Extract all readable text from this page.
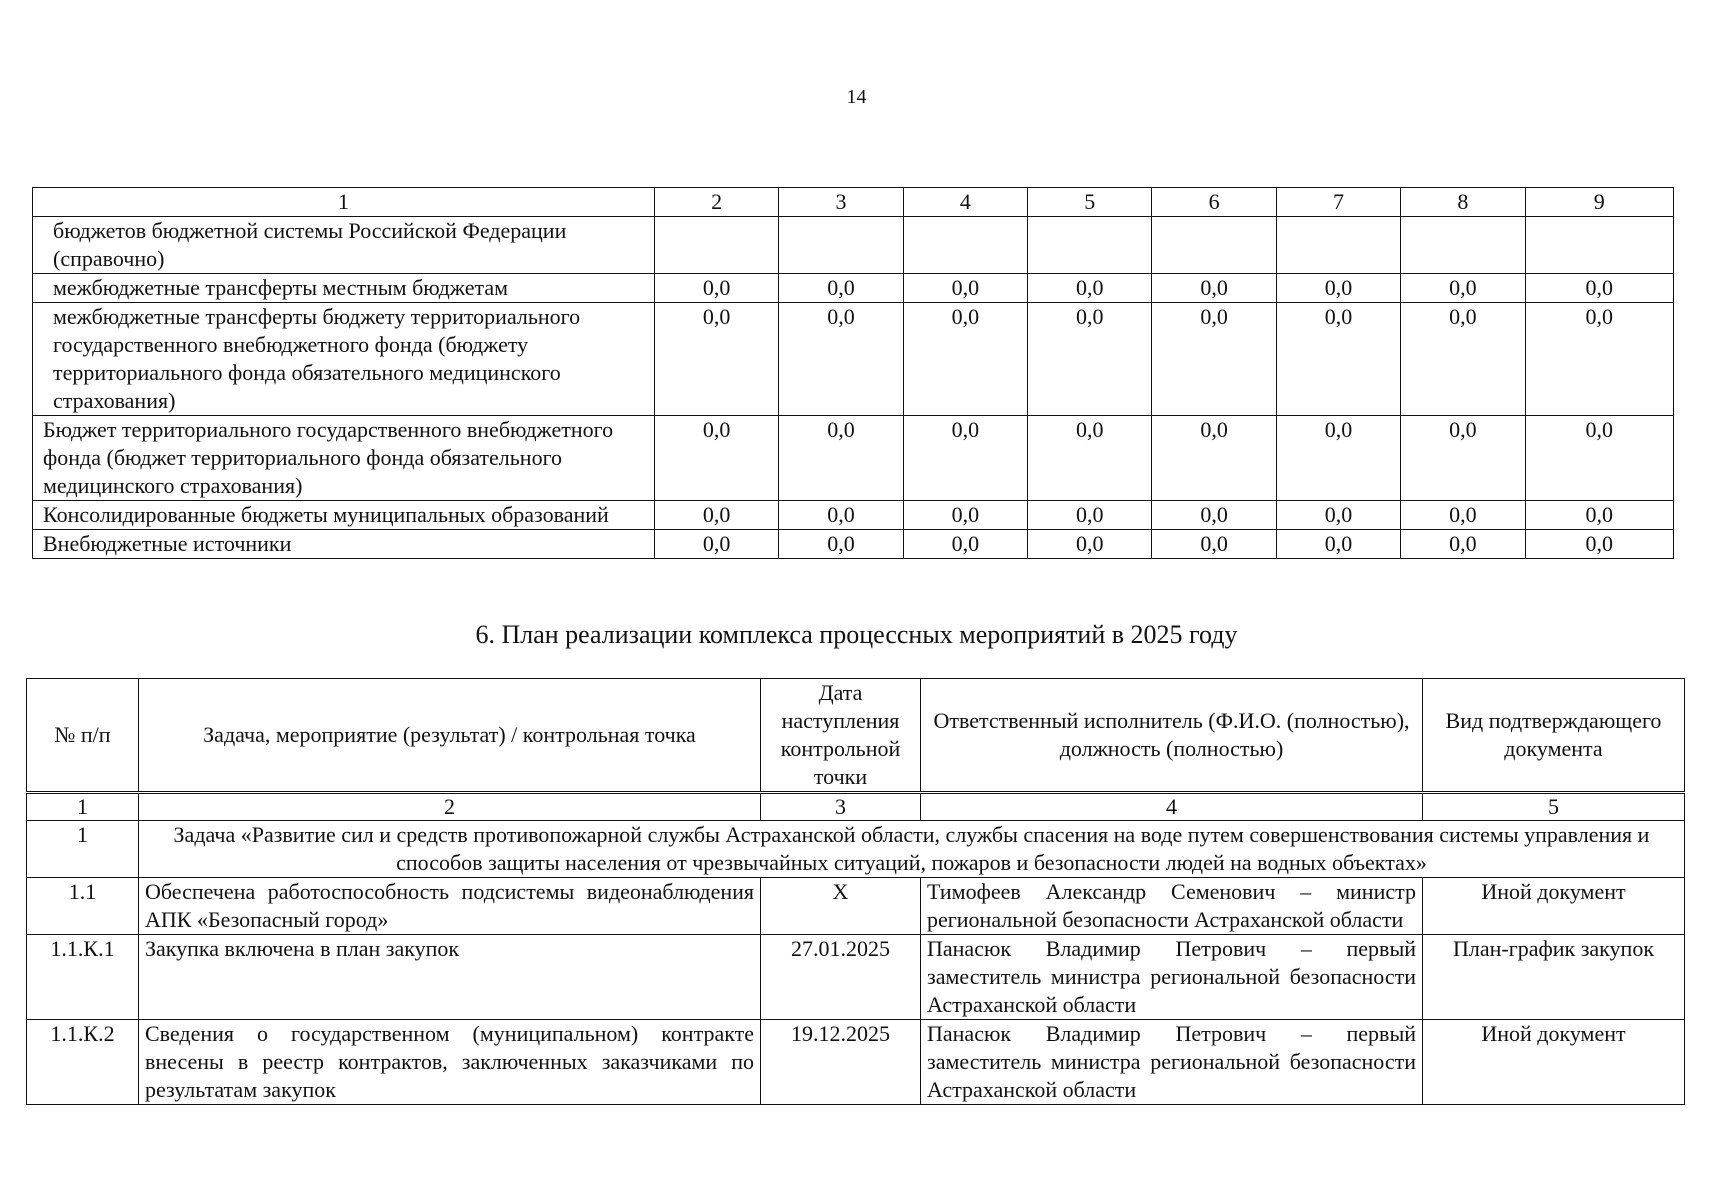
14
1	2	3	4	5	6	7	8	9
бюджетов бюджетной системы Российской Федерации (справочно)								
межбюджетные трансферты местным бюджетам	0,0	0,0	0,0	0,0	0,0	0,0	0,0	0,0
межбюджетные трансферты бюджету территориального государственного внебюджетного фонда (бюджету территориального фонда обязательного медицинского страхования)	0,0	0,0	0,0	0,0	0,0	0,0	0,0	0,0
Бюджет территориального государственного внебюджетного фонда (бюджет территориального фонда обязательного медицинского страхования)	0,0	0,0	0,0	0,0	0,0	0,0	0,0	0,0
Консолидированные бюджеты муниципальных образований	0,0	0,0	0,0	0,0	0,0	0,0	0,0	0,0
Внебюджетные источники	0,0	0,0	0,0	0,0	0,0	0,0	0,0	0,0
6. План реализации комплекса процессных мероприятий в 2025 году
№ п/п	Задача, мероприятие (результат) / контрольная точка	Дата наступления контрольной точки	Ответственный исполнитель (Ф.И.О. (полностью), должность (полностью)	Вид подтверждающего документа
1	2	3	4	5
1	Задача «Развитие сил и средств противопожарной службы Астраханской области, службы спасения на воде путем совершенствования системы управления и способов защиты населения от чрезвычайных ситуаций, пожаров и безопасности людей на водных объектах»			
1.1	Обеспечена работоспособность подсистемы видеонаблюдения АПК «Безопасный город»	Х	Тимофеев Александр Семенович – министр региональной безопасности Астраханской области	Иной документ
1.1.К.1	Закупка включена в план закупок	27.01.2025	Панасюк Владимир Петрович – первый заместитель министра региональной безопасности Астраханской области	План-график закупок
1.1.К.2	Сведения о государственном (муниципальном) контракте внесены в реестр контрактов, заключенных заказчиками по результатам закупок	19.12.2025	Панасюк Владимир Петрович – первый заместитель министра региональной безопасности Астраханской области	Иной документ
